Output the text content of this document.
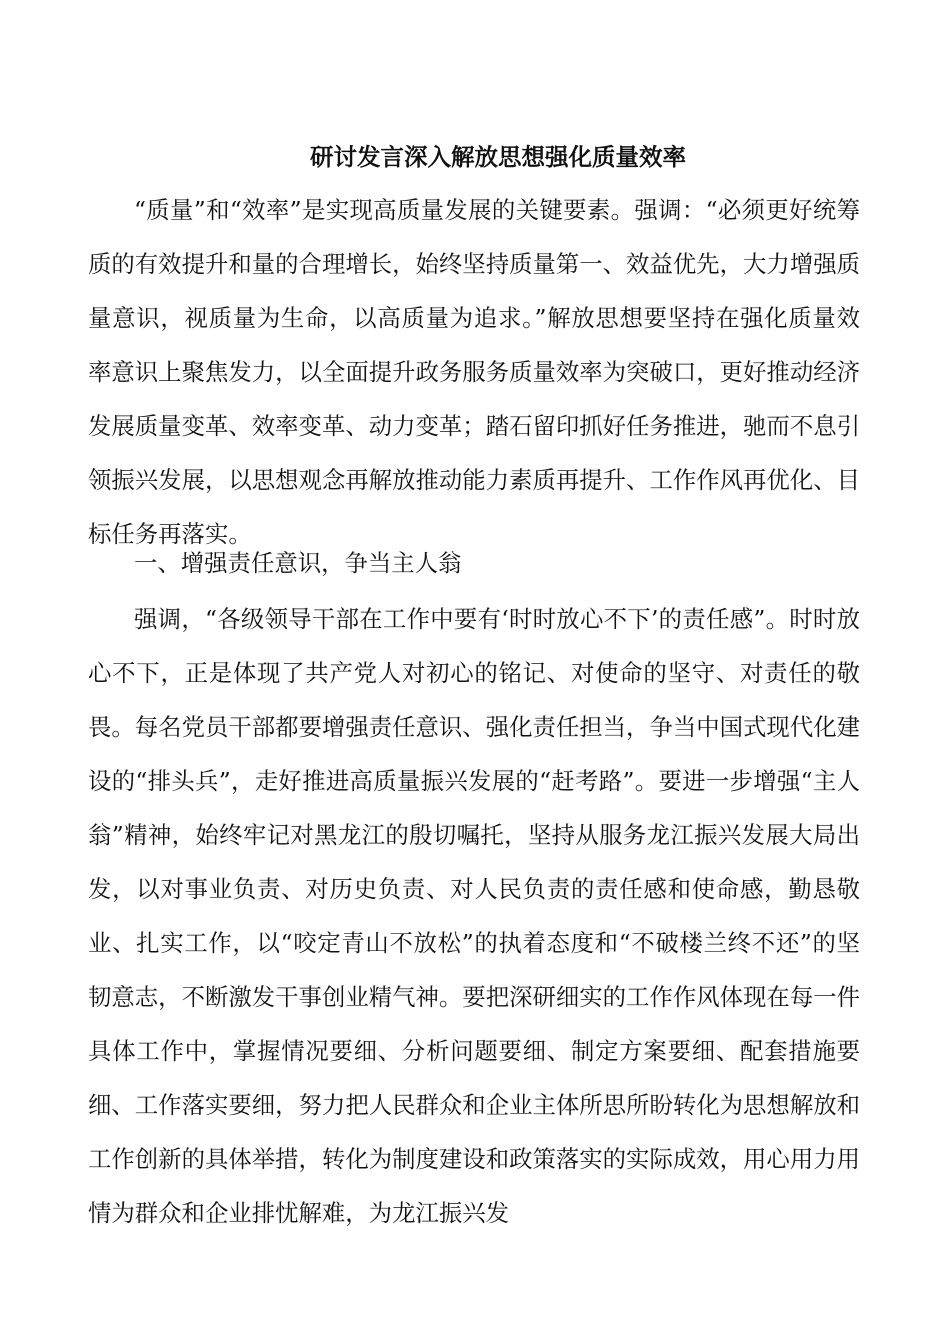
研讨发言深入解放思想强化质量效率

“质量”和“效率”是实现高质量发展的关键要素。强调：“必须更好统筹质的有效提升和量的合理增长，始终坚持质量第一、效益优先，大力增强质量意识，视质量为生命，以高质量为追求。”解放思想要坚持在强化质量效率意识上聚焦发力，以全面提升政务服务质量效率为突破口，更好推动经济发展质量变革、效率变革、动力变革；踏石留印抓好任务推进，驰而不息引领振兴发展，以思想观念再解放推动能力素质再提升、工作作风再优化、目标任务再落实。

一、增强责任意识，争当主人翁

强调，“各级领导干部在工作中要有‘时时放心不下’的责任感”。时时放心不下，正是体现了共产党人对初心的铭记、对使命的坚守、对责任的敬畏。每名党员干部都要增强责任意识、强化责任担当，争当中国式现代化建设的“排头兵”，走好推进高质量振兴发展的“赶考路”。要进一步增强“主人翁”精神，始终牢记对黑龙江的殷切嘱托，坚持从服务龙江振兴发展大局出发，以对事业负责、对历史负责、对人民负责的责任感和使命感，勤恳敬业、扎实工作，以“咬定青山不放松”的执着态度和“不破楼兰终不还”的坚韧意志，不断激发干事创业精气神。要把深研细实的工作作风体现在每一件具体工作中，掌握情况要细、分析问题要细、制定方案要细、配套措施要细、工作落实要细，努力把人民群众和企业主体所思所盼转化为思想解放和工作创新的具体举措，转化为制度建设和政策落实的实际成效，用心用力用情为群众和企业排忧解难，为龙江振兴发
